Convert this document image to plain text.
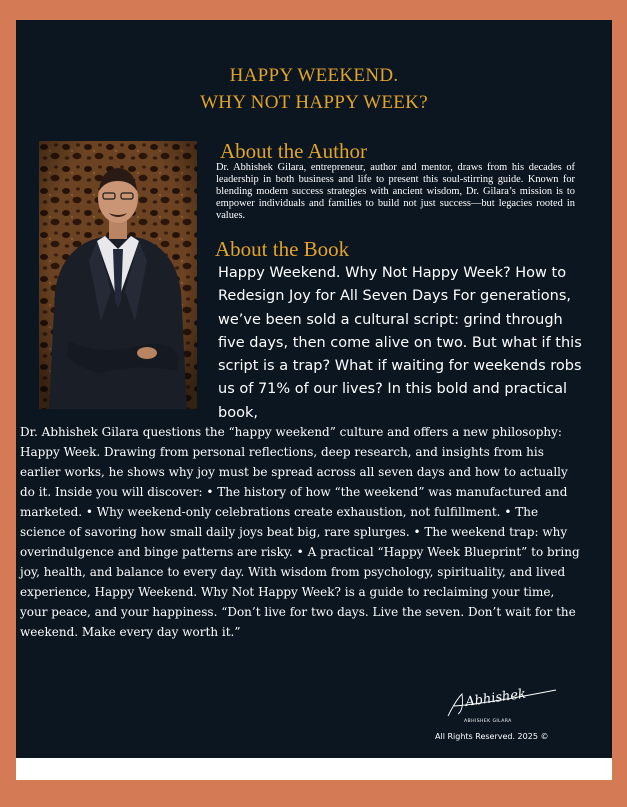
HAPPY WEEKEND.
WHY NOT HAPPY WEEK?
About the Author
Dr. Abhishek Gilara, entrepreneur, author and mentor, draws from his decades of leadership in both business and life to present this soul-stirring guide. Known for blending modern success strategies with ancient wisdom, Dr. Gilara’s mission is to empower individuals and families to build not just success—but legacies rooted in values.
About the Book
Happy Weekend. Why Not Happy Week? How to Redesign Joy for All Seven Days For generations, we’ve been sold a cultural script: grind through five days, then come alive on two. But what if this script is a trap? What if waiting for weekends robs us of 71% of our lives? In this bold and practical book,
Dr. Abhishek Gilara questions the “happy weekend” culture and offers a new philosophy: Happy Week. Drawing from personal reflections, deep research, and insights from his earlier works, he shows why joy must be spread across all seven days and how to actually do it. Inside you will discover: • The history of how “the weekend” was manufactured and marketed. • Why weekend-only celebrations create exhaustion, not fulfillment. • The science of savoring how small daily joys beat big, rare splurges. • The weekend trap: why overindulgence and binge patterns are risky. • A practical “Happy Week Blueprint” to bring joy, health, and balance to every day. With wisdom from psychology, spirituality, and lived experience, Happy Weekend. Why Not Happy Week? is a guide to reclaiming your time, your peace, and your happiness. “Don’t live for two days. Live the seven. Don’t wait for the weekend. Make every day worth it.”
Abhishek
ABHISHEK GILARA
All Rights Reserved. 2025 ©
